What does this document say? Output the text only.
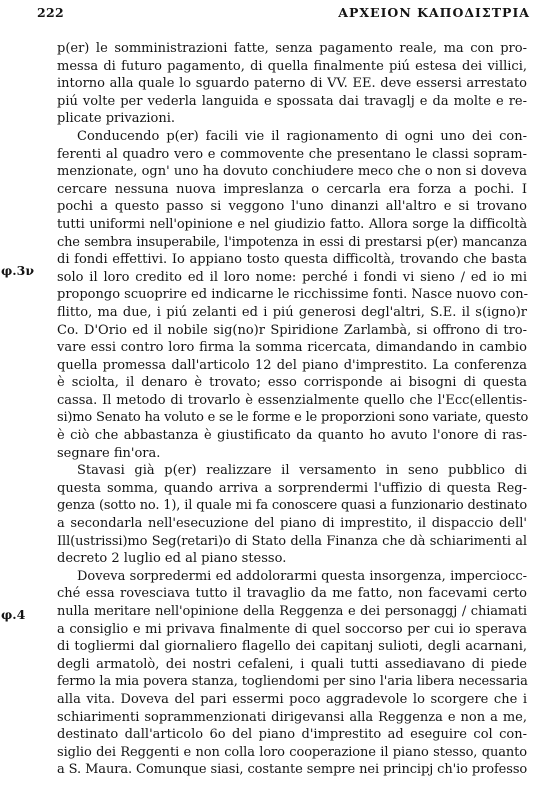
222	ΑΡΧΕΙΟΝ ΚΑΠΟΔΙΣΤΡΙΑ
φ.3ν
φ.4
p(er) le somministrazioni fatte, senza pagamento reale, ma con pro-
messa di futuro pagamento, di quella finalmente piú estesa dei villici,
intorno alla quale lo sguardo paterno di VV. EE. deve essersi arrestato
piú volte per vederla languida e spossata dai travaglj e da molte e re-
plicate privazioni.
Conducendo p(er) facili vie il ragionamento di ogni uno dei con-
ferenti al quadro vero e commovente che presentano le classi sopram-
menzionate, ogn' uno ha dovuto conchiudere meco che o non si doveva
cercare nessuna nuova impreslanza o cercarla era forza a pochi. I
pochi a questo passo si veggono l'uno dinanzi all'altro e si trovano
tutti uniformi nell'opinione e nel giudizio fatto. Allora sorge la difficoltà
che sembra insuperabile, l'impotenza in essi di prestarsi p(er) mancanza
di fondi effettivi. Io appiano tosto questa difficoltà, trovando che basta
solo il loro credito ed il loro nome: perché i fondi vi sieno / ed io mi
propongo scuoprire ed indicarne le ricchissime fonti. Nasce nuovo con-
flitto, ma due, i piú zelanti ed i piú generosi degl'altri, S.E. il s(igno)r
Co. D'Orio ed il nobile sig(no)r Spiridione Zarlambà, si offrono di tro-
vare essi contro loro firma la somma ricercata, dimandando in cambio
quella promessa dall'articolo 12 del piano d'imprestito. La conferenza
è sciolta, il denaro è trovato; esso corrisponde ai bisogni di questa
cassa. Il metodo di trovarlo è essenzialmente quello che l'Ecc(ellentis-
si)mo Senato ha voluto e se le forme e le proporzioni sono variate, questo
è ciò che abbastanza è giustificato da quanto ho avuto l'onore di ras-
segnare fin'ora.
Stavasi già p(er) realizzare il versamento in seno pubblico di
questa somma, quando arriva a sorprendermi l'uffizio di questa Reg-
genza (sotto no. 1), il quale mi fa conoscere quasi a funzionario destinato
a secondarla nell'esecuzione del piano di imprestito, il dispaccio dell'
Ill(ustrissi)mo Seg(retari)o di Stato della Finanza che dà schiarimenti al
decreto 2 luglio ed al piano stesso.
Doveva sorpredermi ed addolorarmi questa insorgenza, imperciocc-
ché essa rovesciava tutto il travaglio da me fatto, non facevami certo
nulla meritare nell'opinione della Reggenza e dei personaggj / chiamati
a consiglio e mi privava finalmente di quel soccorso per cui io sperava
di togliermi dal giornaliero flagello dei capitanj sulioti, degli acarnani,
degli armatolò, dei nostri cefaleni, i quali tutti assediavano di piede
fermo la mia povera stanza, togliendomi per sino l'aria libera necessaria
alla vita. Doveva del pari essermi poco aggradevole lo scorgere che i
schiarimenti soprammenzionati dirigevansi alla Reggenza e non a me,
destinato dall'articolo 6o del piano d'imprestito ad eseguire col con-
siglio dei Reggenti e non colla loro cooperazione il piano stesso, quanto
a S. Maura. Comunque siasi, costante sempre nei principj ch'io professo
